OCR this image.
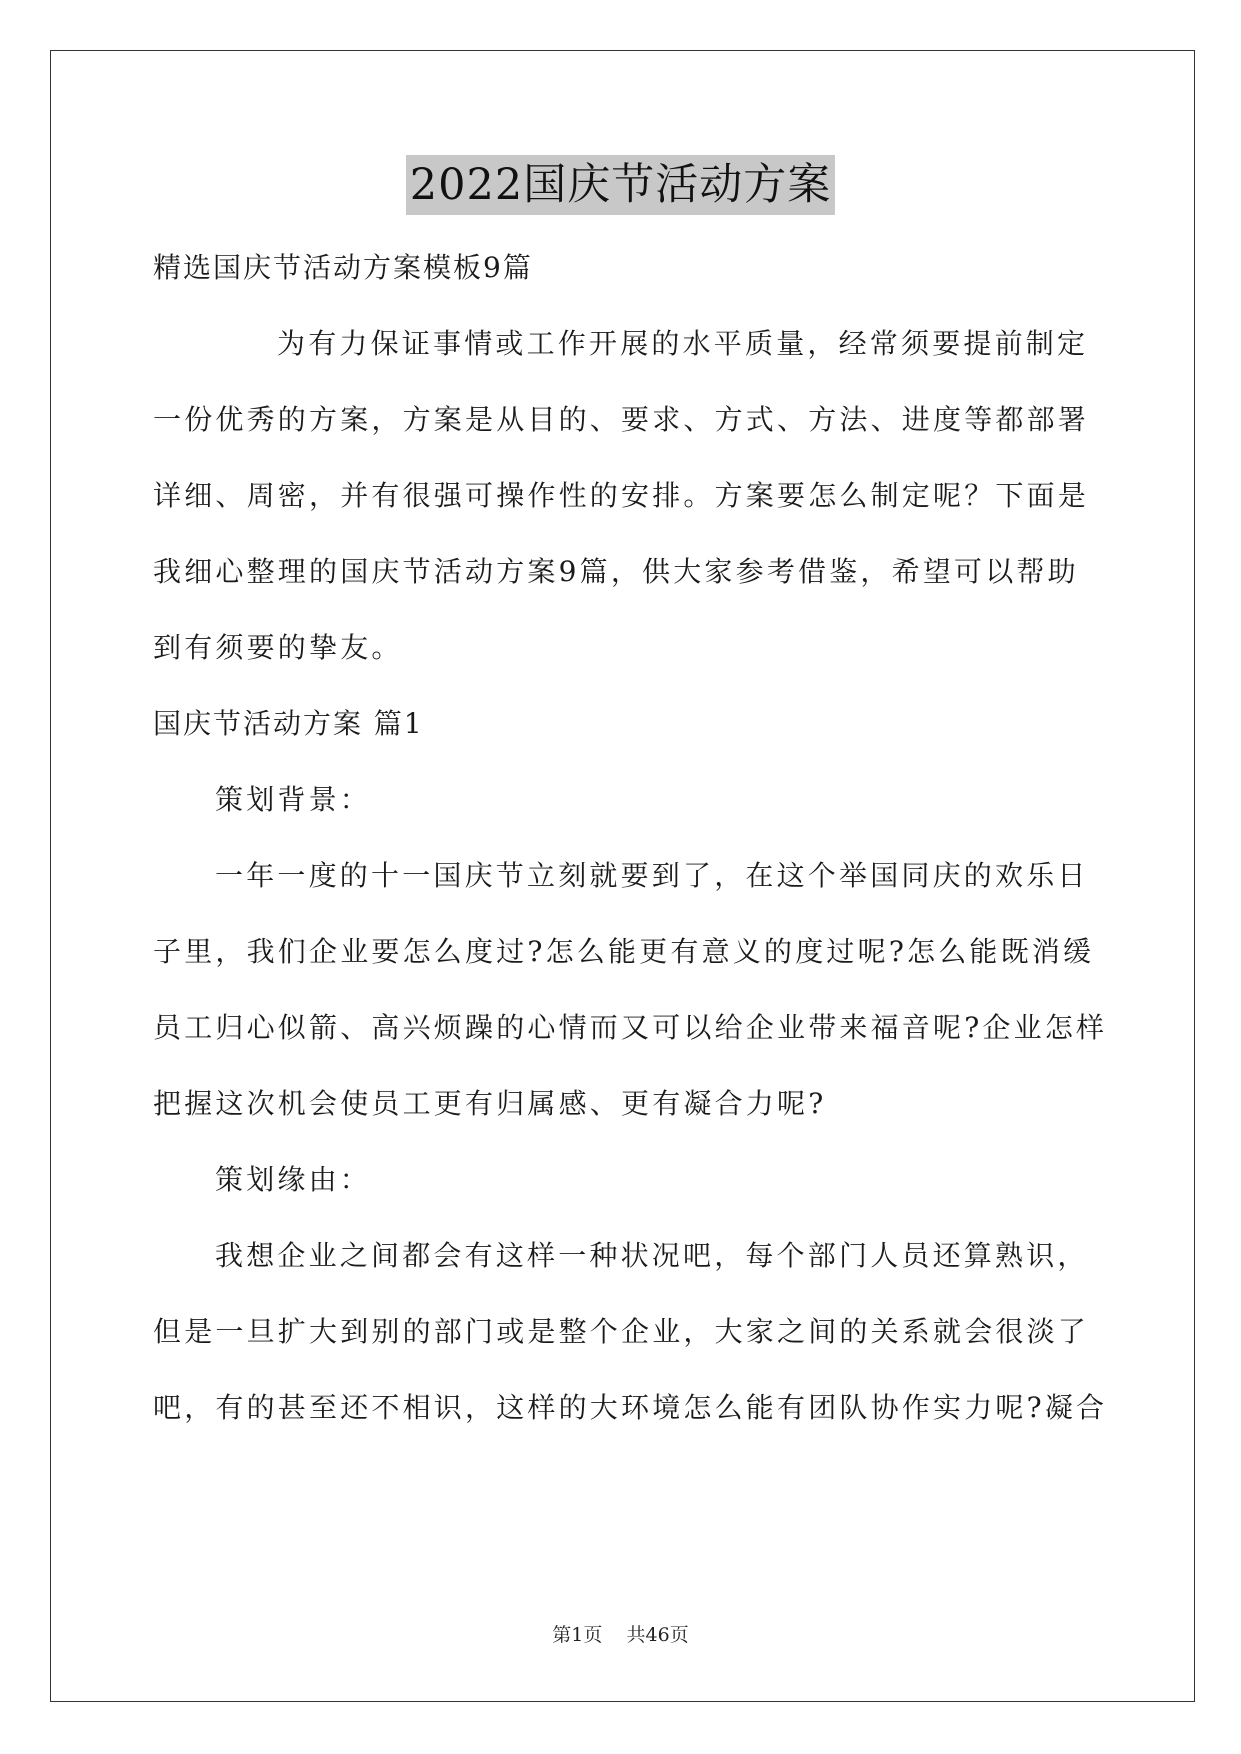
2022国庆节活动方案
精选国庆节活动方案模板9篇
为有力保证事情或工作开展的水平质量，经常须要提前制定
一份优秀的方案，方案是从目的、要求、方式、方法、进度等都部署
详细、周密，并有很强可操作性的安排。方案要怎么制定呢？下面是
我细心整理的国庆节活动方案9篇，供大家参考借鉴，希望可以帮助
到有须要的挚友。
国庆节活动方案 篇1
策划背景：
一年一度的十一国庆节立刻就要到了，在这个举国同庆的欢乐日
子里，我们企业要怎么度过?怎么能更有意义的度过呢?怎么能既消缓
员工归心似箭、高兴烦躁的心情而又可以给企业带来福音呢?企业怎样
把握这次机会使员工更有归属感、更有凝合力呢?
策划缘由：
我想企业之间都会有这样一种状况吧，每个部门人员还算熟识，
但是一旦扩大到别的部门或是整个企业，大家之间的关系就会很淡了
吧，有的甚至还不相识，这样的大环境怎么能有团队协作实力呢?凝合
第1页 共46页
